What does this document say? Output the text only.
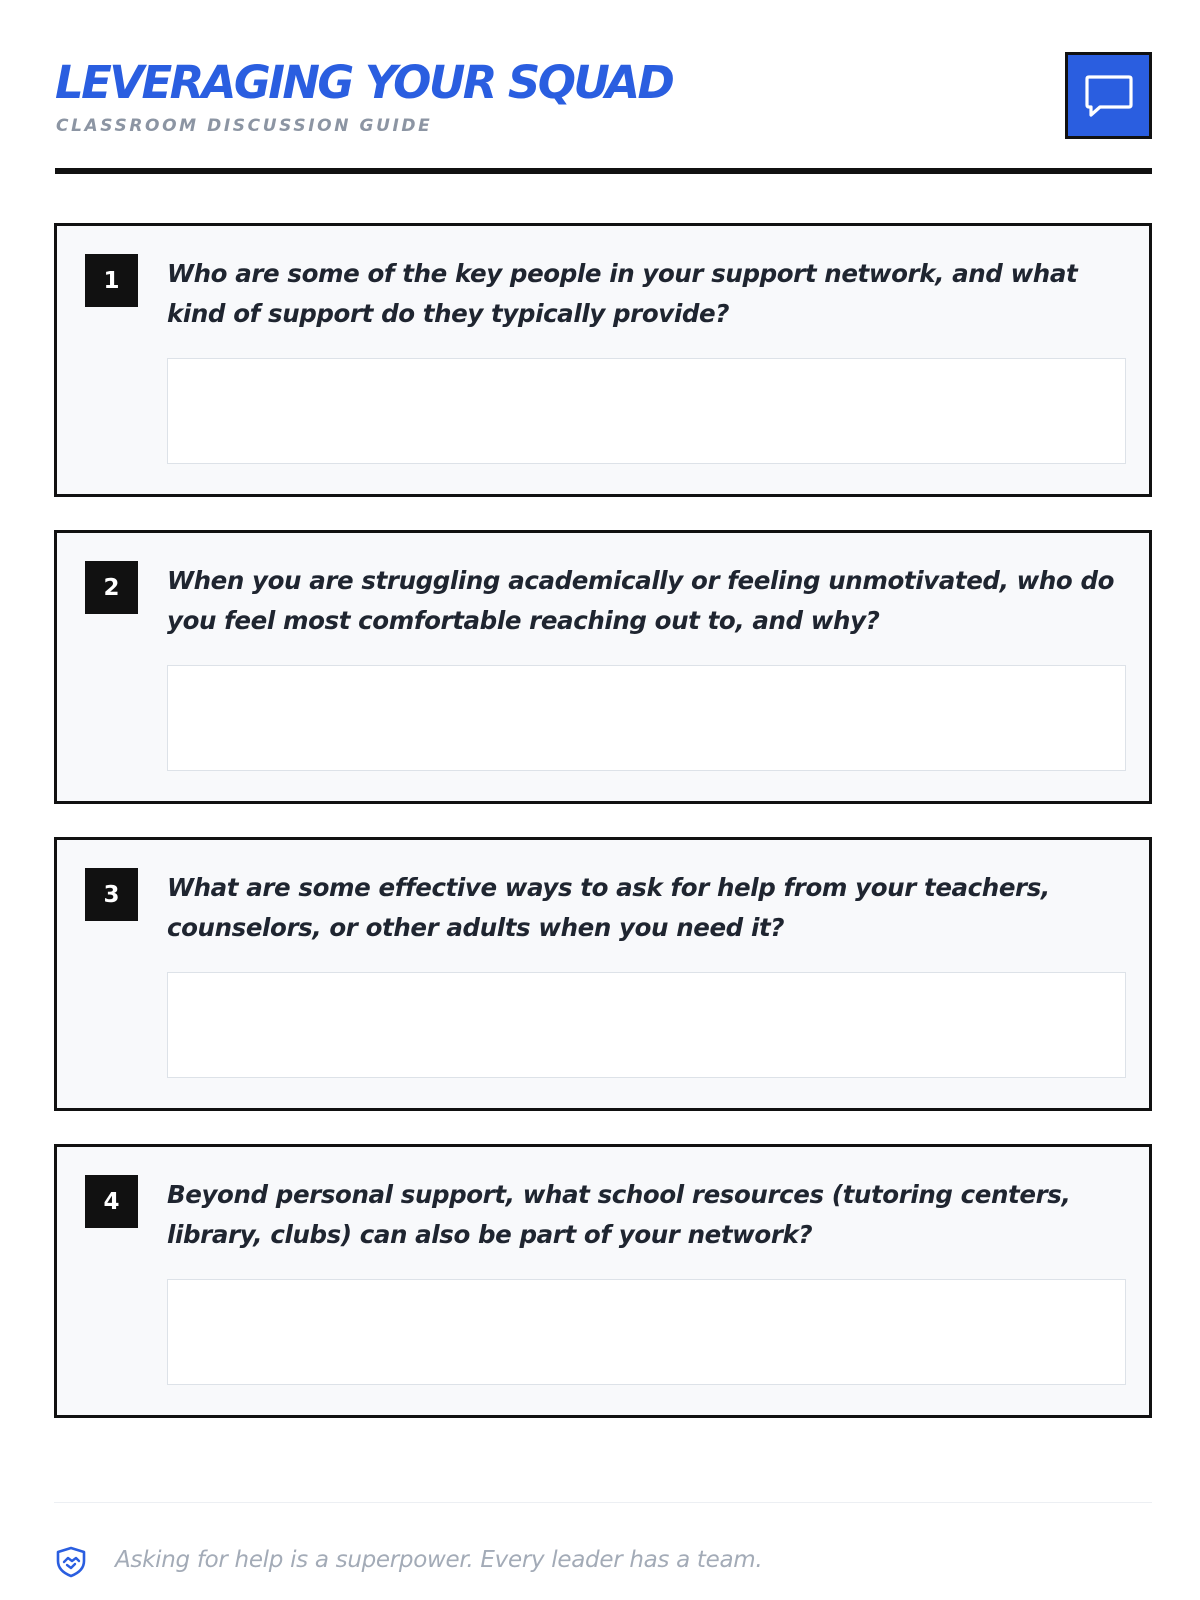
LEVERAGING YOUR SQUAD
CLASSROOM DISCUSSION GUIDE
1	Who are some of the key people in your support network, and what kind of support do they typically provide?
2	When you are struggling academically or feeling unmotivated, who do you feel most comfortable reaching out to, and why?
3	What are some effective ways to ask for help from your teachers, counselors, or other adults when you need it?
4	Beyond personal support, what school resources (tutoring centers, library, clubs) can also be part of your network?
Asking for help is a superpower. Every leader has a team.
